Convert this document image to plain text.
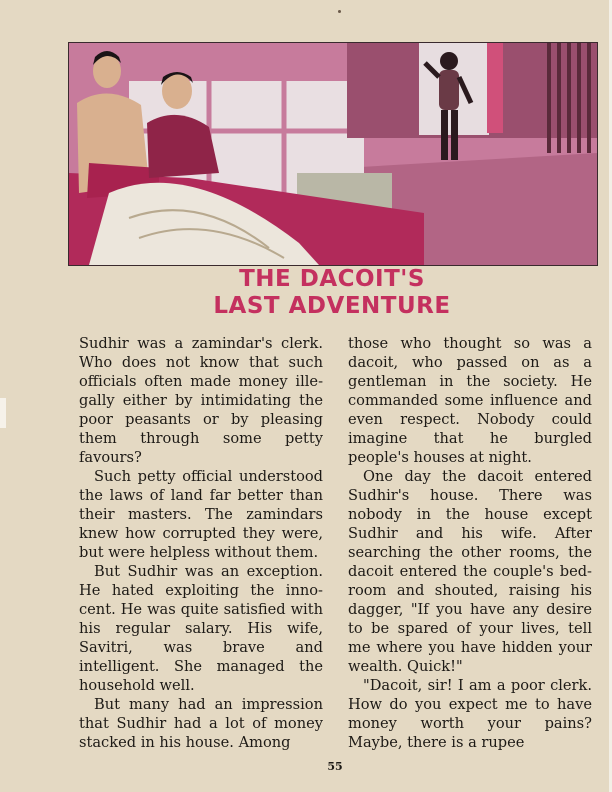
THE DACOIT'S
LAST ADVENTURE

Sudhir was a zamindar's clerk. Who does not know that such officials often made money ille-gally either by intimidating the poor peasants or by pleasing them through some petty favours?

Such petty official understood the laws of land far better than their masters. The zamindars knew how corrupted they were, but were helpless without them.

But Sudhir was an exception. He hated exploiting the inno-cent. He was quite satisfied with his regular salary. His wife, Savitri, was brave and intelligent. She managed the household well.

But many had an impression that Sudhir had a lot of money stacked in his house. Among

those who thought so was a dacoit, who passed on as a gentleman in the society. He commanded some influence and even respect. Nobody could imagine that he burgled people's houses at night.

One day the dacoit entered Sudhir's house. There was nobody in the house except Sudhir and his wife. After searching the other rooms, the dacoit entered the couple's bed-room and shouted, raising his dagger, "If you have any desire to be spared of your lives, tell me where you have hidden your wealth. Quick!"

"Dacoit, sir! I am a poor clerk. How do you expect me to have money worth your pains? Maybe, there is a rupee

55
